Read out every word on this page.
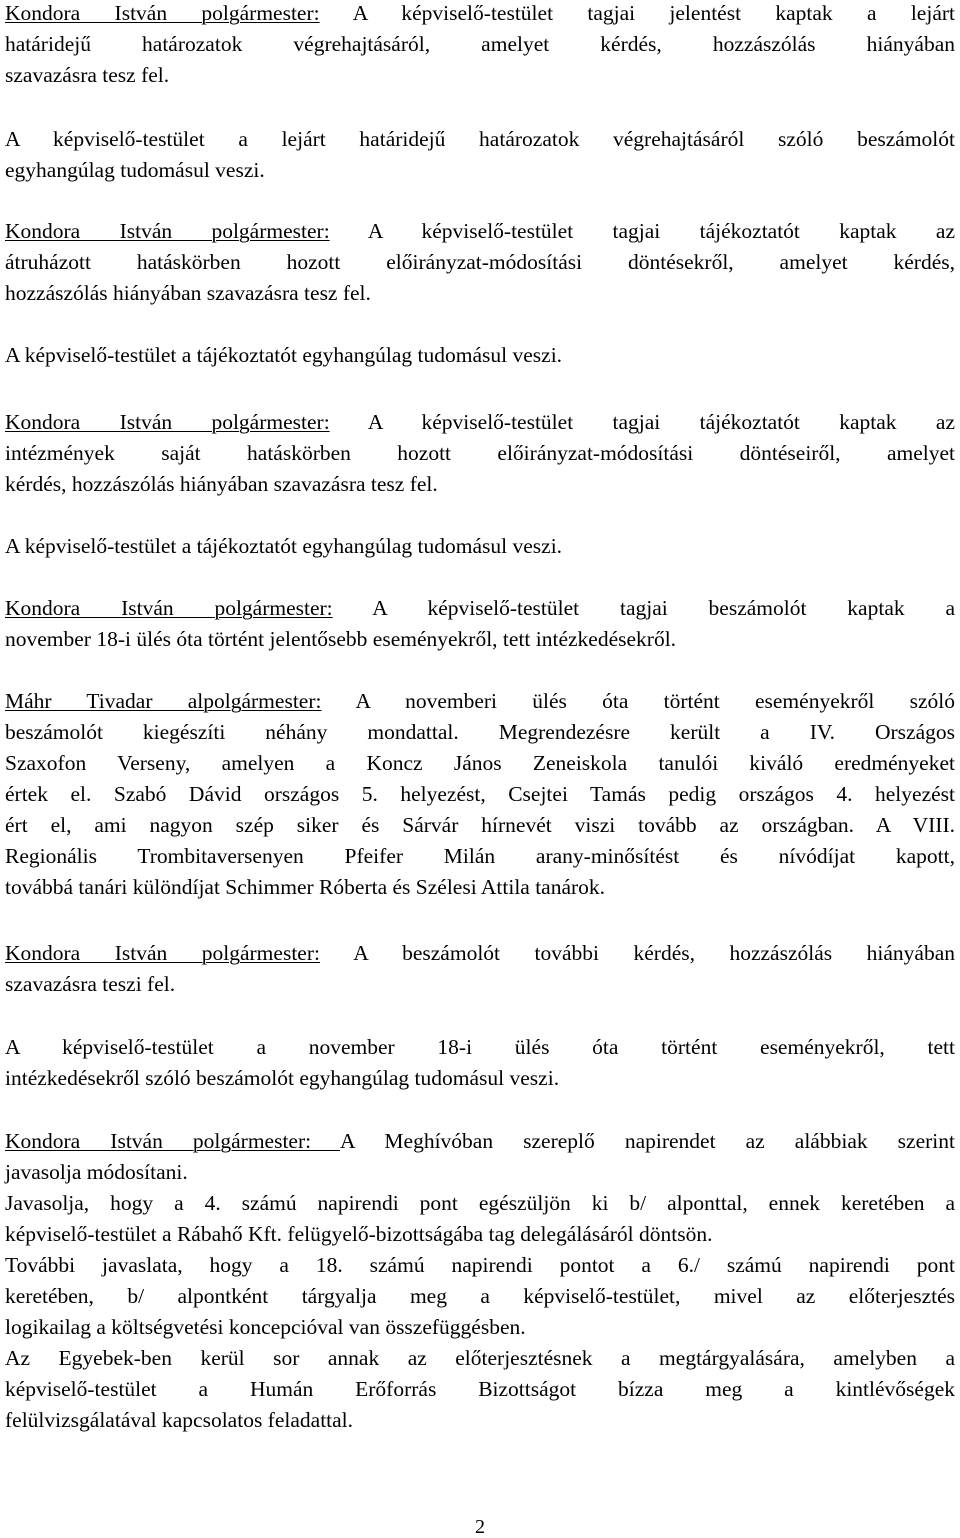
Kondora István polgármester: A képviselő-testület tagjai jelentést kaptak a lejárt
határidejű határozatok végrehajtásáról, amelyet kérdés, hozzászólás hiányában
szavazásra tesz fel.
A képviselő-testület a lejárt határidejű határozatok végrehajtásáról szóló beszámolót
egyhangúlag tudomásul veszi.
Kondora István polgármester: A képviselő-testület tagjai tájékoztatót kaptak az
átruházott hatáskörben hozott előirányzat-módosítási döntésekről, amelyet kérdés,
hozzászólás hiányában szavazásra tesz fel.
A képviselő-testület a tájékoztatót egyhangúlag tudomásul veszi.
Kondora István polgármester: A képviselő-testület tagjai tájékoztatót kaptak az
intézmények saját hatáskörben hozott előirányzat-módosítási döntéseiről, amelyet
kérdés, hozzászólás hiányában szavazásra tesz fel.
A képviselő-testület a tájékoztatót egyhangúlag tudomásul veszi.
Kondora István polgármester: A képviselő-testület tagjai beszámolót kaptak a
november 18-i ülés óta történt jelentősebb eseményekről, tett intézkedésekről.
Máhr Tivadar alpolgármester: A novemberi ülés óta történt eseményekről szóló
beszámolót kiegészíti néhány mondattal. Megrendezésre került a IV. Országos
Szaxofon Verseny, amelyen a Koncz János Zeneiskola tanulói kiváló eredményeket
értek el. Szabó Dávid országos 5. helyezést, Csejtei Tamás pedig országos 4. helyezést
ért el, ami nagyon szép siker és Sárvár hírnevét viszi tovább az országban. A VIII.
Regionális Trombitaversenyen Pfeifer Milán arany-minősítést és nívódíjat kapott,
továbbá tanári különdíjat Schimmer Róberta és Szélesi Attila tanárok.
Kondora István polgármester: A beszámolót további kérdés, hozzászólás hiányában
szavazásra teszi fel.
A képviselő-testület a november 18-i ülés óta történt eseményekről, tett
intézkedésekről szóló beszámolót egyhangúlag tudomásul veszi.
Kondora István polgármester: A Meghívóban szereplő napirendet az alábbiak szerint
javasolja módosítani.
Javasolja, hogy a 4. számú napirendi pont egészüljön ki b/ alponttal, ennek keretében a
képviselő-testület a Rábahő Kft. felügyelő-bizottságába tag delegálásáról döntsön.
További javaslata, hogy a 18. számú napirendi pontot a 6./ számú napirendi pont
keretében, b/ alpontként tárgyalja meg a képviselő-testület, mivel az előterjesztés
logikailag a költségvetési koncepcióval van összefüggésben.
Az Egyebek-ben kerül sor annak az előterjesztésnek a megtárgyalására, amelyben a
képviselő-testület a Humán Erőforrás Bizottságot bízza meg a kintlévőségek
felülvizsgálatával kapcsolatos feladattal.
2
